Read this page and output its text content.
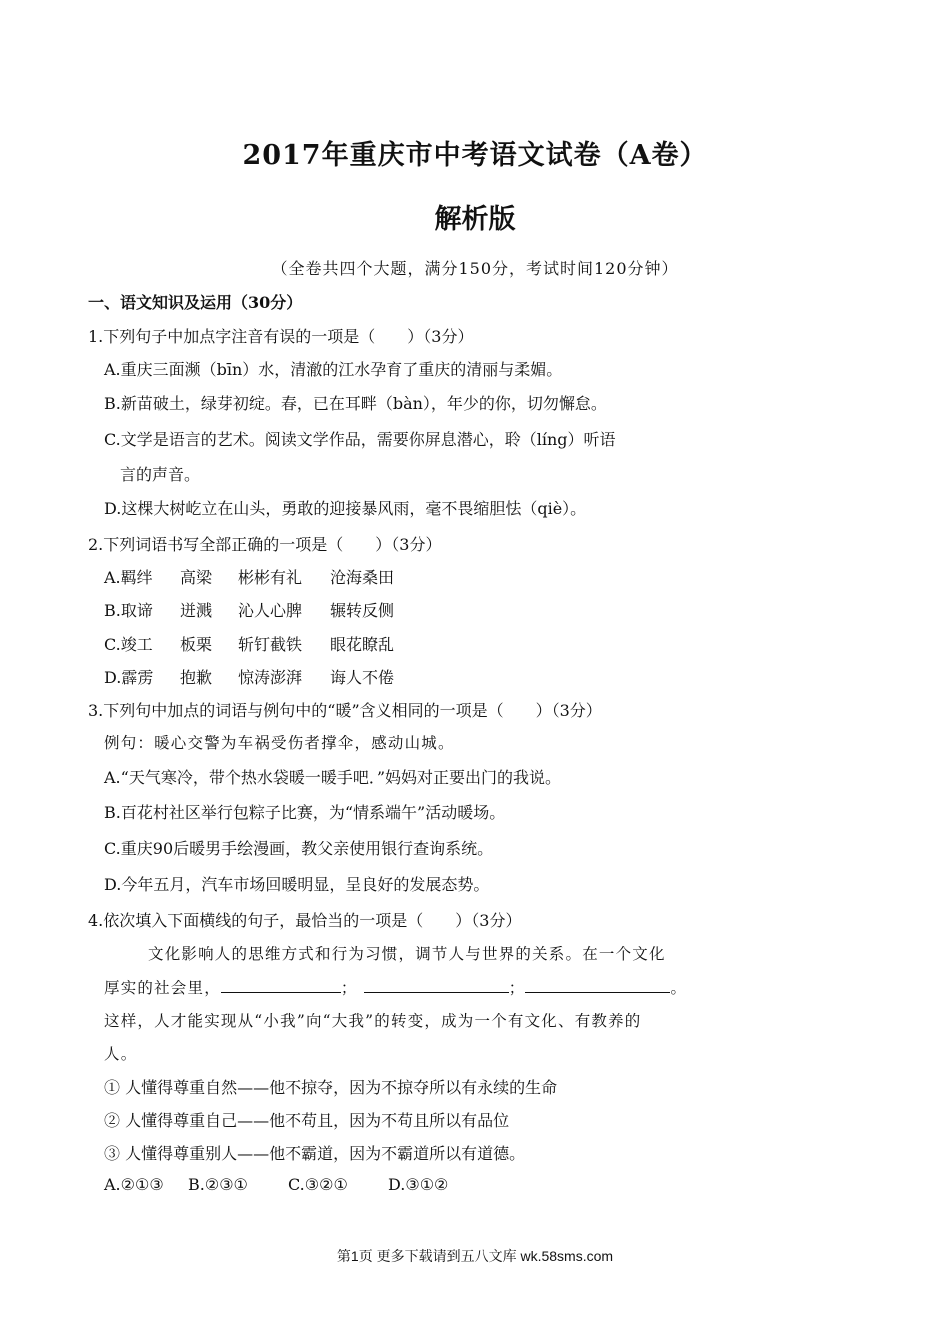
2017年重庆市中考语文试卷（A卷）
解析版
（全卷共四个大题，满分150分，考试时间120分钟）
一、语文知识及运用（30分）
1.下列句子中加点字注音有误的一项是（　　）（3分）
A.重庆三面濒（bīn）水，清澈的江水孕育了重庆的清丽与柔媚。
B.新苗破土，绿芽初绽。春，已在耳畔（bàn），年少的你，切勿懈怠。
C.文学是语言的艺术。阅读文学作品，需要你屏息潜心，聆（líng）听语
言的声音。
D.这棵大树屹立在山头，勇敢的迎接暴风雨，毫不畏缩胆怯（qiè）。
2.下列词语书写全部正确的一项是（　　）（3分）
A.羁绊	高梁	彬彬有礼	沧海桑田
B.取谛	迸溅	沁人心脾	辗转反侧
C.竣工	板栗	斩钉截铁	眼花瞭乱
D.霹雳	抱歉	惊涛澎湃	诲人不倦
3.下列句中加点的词语与例句中的“暖”含义相同的一项是（　　）（3分）
例句：暖心交警为车祸受伤者撑伞，感动山城。
A.“天气寒冷，带个热水袋暖一暖手吧．”妈妈对正要出门的我说。
B.百花村社区举行包粽子比赛，为“情系端午”活动暖场。
C.重庆90后暖男手绘漫画，教父亲使用银行查询系统。
D.今年五月，汽车市场回暖明显，呈良好的发展态势。
4.依次填入下面横线的句子，最恰当的一项是（　　）（3分）
文化影响人的思维方式和行为习惯，调节人与世界的关系。在一个文化
厚实的社会里，	；	；	。
这样，人才能实现从“小我”向“大我”的转变，成为一个有文化、有教养的
人。
① 人懂得尊重自然——他不掠夺，因为不掠夺所以有永续的生命
② 人懂得尊重自己——他不苟且，因为不苟且所以有品位
③ 人懂得尊重别人——他不霸道，因为不霸道所以有道德。
A.②①③	B.②③①	C.③②①	D.③①②
第1页 更多下载请到五八文库 wk.58sms.com
